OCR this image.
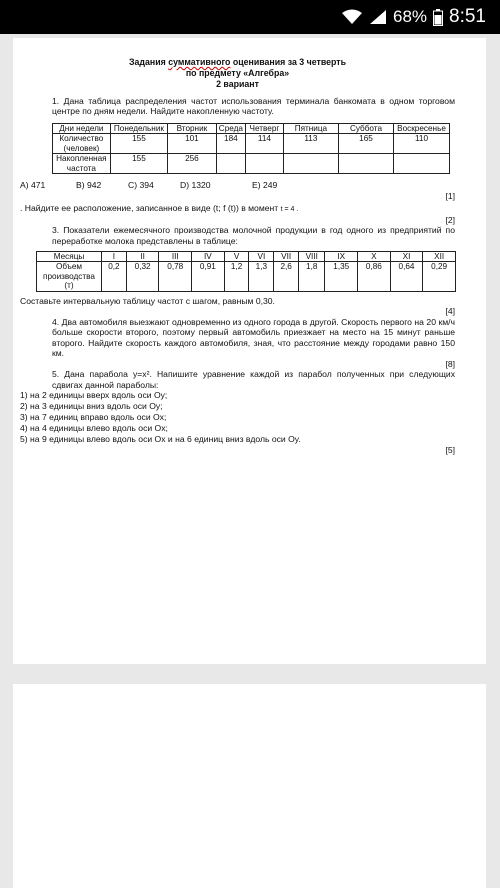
68% 8:51
Задания суммативного оценивания за 3 четверть
по предмету «Алгебра»
2 вариант

1. Дана таблица распределения частот использования терминала банкомата в одном торговом центре по дням недели. Найдите накопленную частоту.

Дни недели	Понедельник	Вторник	Среда	Четверг	Пятница	Суббота	Воскресенье
Количество (человек)	155	101	184	114	113	165	110
Накопленная частота	155	256					
A) 471	B) 942	C) 394	D) 1320	E) 249
[1]
. Найдите ее расположение, записанное в виде (t; f (t)) в момент t = 4 .
[2]

3. Показатели ежемесячного производства молочной продукции в год одного из предприятий по переработке молока представлены в таблице:

Месяцы	I	II	III	IV	V	VI	VII	VIII	IX	X	XI	XII
Объем производства (т)	0,2	0,32	0,78	0,91	1,2	1,3	2,6	1,8	1,35	0,86	0,64	0,29
Составьте интервальную таблицу частот с шагом, равным 0,30.
[4]

4. Два автомобиля выезжают одновременно из одного города в другой. Скорость первого на 20 км/ч больше скорости второго, поэтому первый автомобиль приезжает на место на 15 минут раньше второго. Найдите скорость каждого автомобиля, зная, что расстояние между городами равно 150 км.

[8]

5. Дана парабола y=x². Напишите уравнение каждой из парабол полученных при следующих сдвигах данной параболы:

1) на 2 единицы вверх вдоль оси Oy;
2) на 3 единицы вниз вдоль оси Oy;
3) на 7 единиц вправо вдоль оси Ox;
4) на 4 единицы влево вдоль оси Ox;
5) на 9 единицы влево вдоль оси Ox и на 6 единиц вниз вдоль оси Oy.
[5]
